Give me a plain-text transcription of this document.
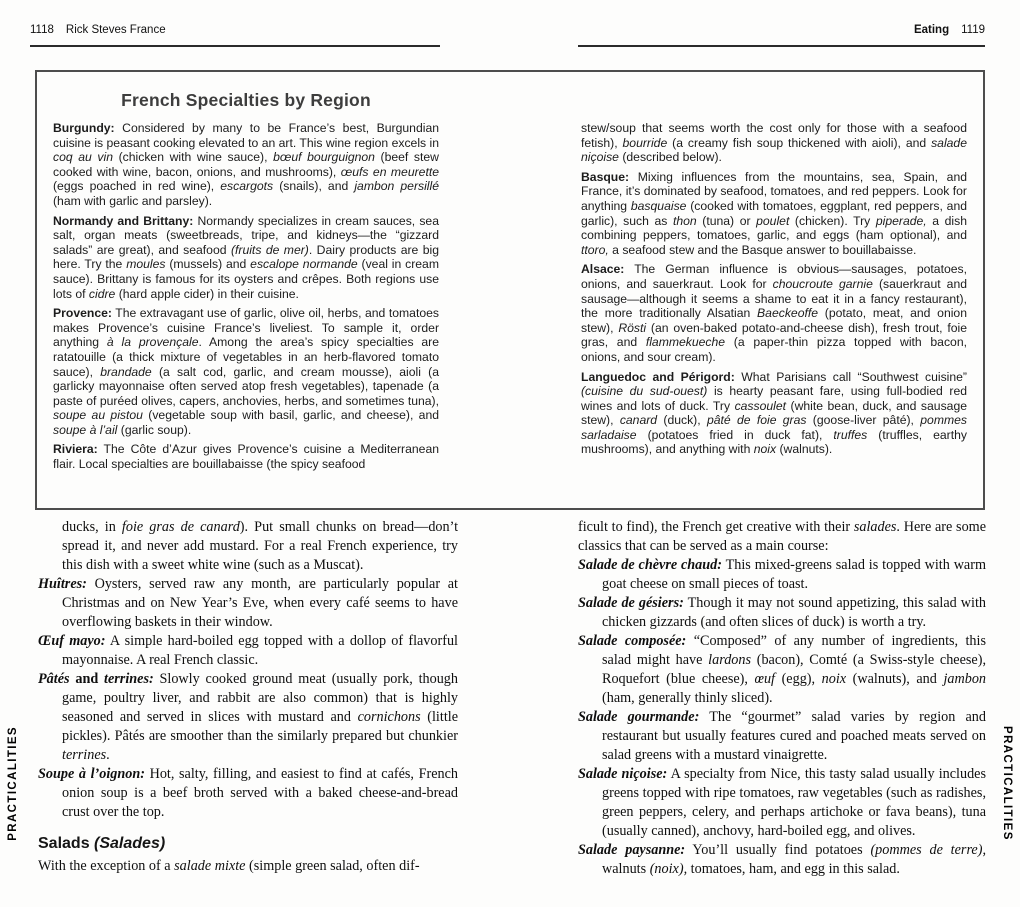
1118 Rick Steves France	Eating 1119
French Specialties by Region

Burgundy: Considered by many to be France’s best, Burgundian cuisine is peasant cooking elevated to an art. This wine region excels in coq au vin (chicken with wine sauce), bœuf bourguignon (beef stew cooked with wine, bacon, onions, and mushrooms), œufs en meurette (eggs poached in red wine), escargots (snails), and jambon persillé (ham with garlic and parsley).

Normandy and Brittany: Normandy specializes in cream sauces, sea salt, organ meats (sweetbreads, tripe, and kidneys—the “gizzard salads” are great), and seafood (fruits de mer). Dairy products are big here. Try the moules (mussels) and escalope normande (veal in cream sauce). Brittany is famous for its oysters and crêpes. Both regions use lots of cidre (hard apple cider) in their cuisine.

Provence: The extravagant use of garlic, olive oil, herbs, and tomatoes makes Provence’s cuisine France’s liveliest. To sample it, order anything à la provençale. Among the area’s spicy specialties are ratatouille (a thick mixture of vegetables in an herb-flavored tomato sauce), brandade (a salt cod, garlic, and cream mousse), aioli (a garlicky mayonnaise often served atop fresh vegetables), tapenade (a paste of puréed olives, capers, anchovies, herbs, and sometimes tuna), soupe au pistou (vegetable soup with basil, garlic, and cheese), and soupe à l’ail (garlic soup).

Riviera: The Côte d’Azur gives Provence’s cuisine a Mediterranean flair. Local specialties are bouillabaisse (the spicy seafood

stew/soup that seems worth the cost only for those with a seafood fetish), bourride (a creamy fish soup thickened with aioli), and salade niçoise (described below).

Basque: Mixing influences from the mountains, sea, Spain, and France, it’s dominated by seafood, tomatoes, and red peppers. Look for anything basquaise (cooked with tomatoes, eggplant, red peppers, and garlic), such as thon (tuna) or poulet (chicken). Try piperade, a dish combining peppers, tomatoes, garlic, and eggs (ham optional), and ttoro, a seafood stew and the Basque answer to bouillabaisse.

Alsace: The German influence is obvious—sausages, potatoes, onions, and sauerkraut. Look for choucroute garnie (sauerkraut and sausage—although it seems a shame to eat it in a fancy restaurant), the more traditionally Alsatian Baeckeoffe (potato, meat, and onion stew), Rösti (an oven-baked potato-and-cheese dish), fresh trout, foie gras, and flammekueche (a paper-thin pizza topped with bacon, onions, and sour cream).

Languedoc and Périgord: What Parisians call “Southwest cuisine” (cuisine du sud-ouest) is hearty peasant fare, using full-bodied red wines and lots of duck. Try cassoulet (white bean, duck, and sausage stew), canard (duck), pâté de foie gras (goose-liver pâté), pommes sarladaise (potatoes fried in duck fat), truffes (truffles, earthy mushrooms), and anything with noix (walnuts).

ducks, in foie gras de canard). Put small chunks on bread—don’t spread it, and never add mustard. For a real French experience, try this dish with a sweet white wine (such as a Muscat).

Huîtres: Oysters, served raw any month, are particularly popular at Christmas and on New Year’s Eve, when every café seems to have overflowing baskets in their window.

Œuf mayo: A simple hard-boiled egg topped with a dollop of flavorful mayonnaise. A real French classic.

Pâtés and terrines: Slowly cooked ground meat (usually pork, though game, poultry liver, and rabbit are also common) that is highly seasoned and served in slices with mustard and cornichons (little pickles). Pâtés are smoother than the similarly prepared but chunkier terrines.

Soupe à l’oignon: Hot, salty, filling, and easiest to find at cafés, French onion soup is a beef broth served with a baked cheese-and-bread crust over the top.

Salads (Salades)

With the exception of a salade mixte (simple green salad, often dif-

ficult to find), the French get creative with their salades. Here are some classics that can be served as a main course:

Salade de chèvre chaud: This mixed-greens salad is topped with warm goat cheese on small pieces of toast.

Salade de gésiers: Though it may not sound appetizing, this salad with chicken gizzards (and often slices of duck) is worth a try.

Salade composée: “Composed” of any number of ingredients, this salad might have lardons (bacon), Comté (a Swiss-style cheese), Roquefort (blue cheese), œuf (egg), noix (walnuts), and jambon (ham, generally thinly sliced).

Salade gourmande: The “gourmet” salad varies by region and restaurant but usually features cured and poached meats served on salad greens with a mustard vinaigrette.

Salade niçoise: A specialty from Nice, this tasty salad usually includes greens topped with ripe tomatoes, raw vegetables (such as radishes, green peppers, celery, and perhaps artichoke or fava beans), tuna (usually canned), anchovy, hard-boiled egg, and olives.

Salade paysanne: You’ll usually find potatoes (pommes de terre), walnuts (noix), tomatoes, ham, and egg in this salad.

PRACTICALITIES	PRACTICALITIES
